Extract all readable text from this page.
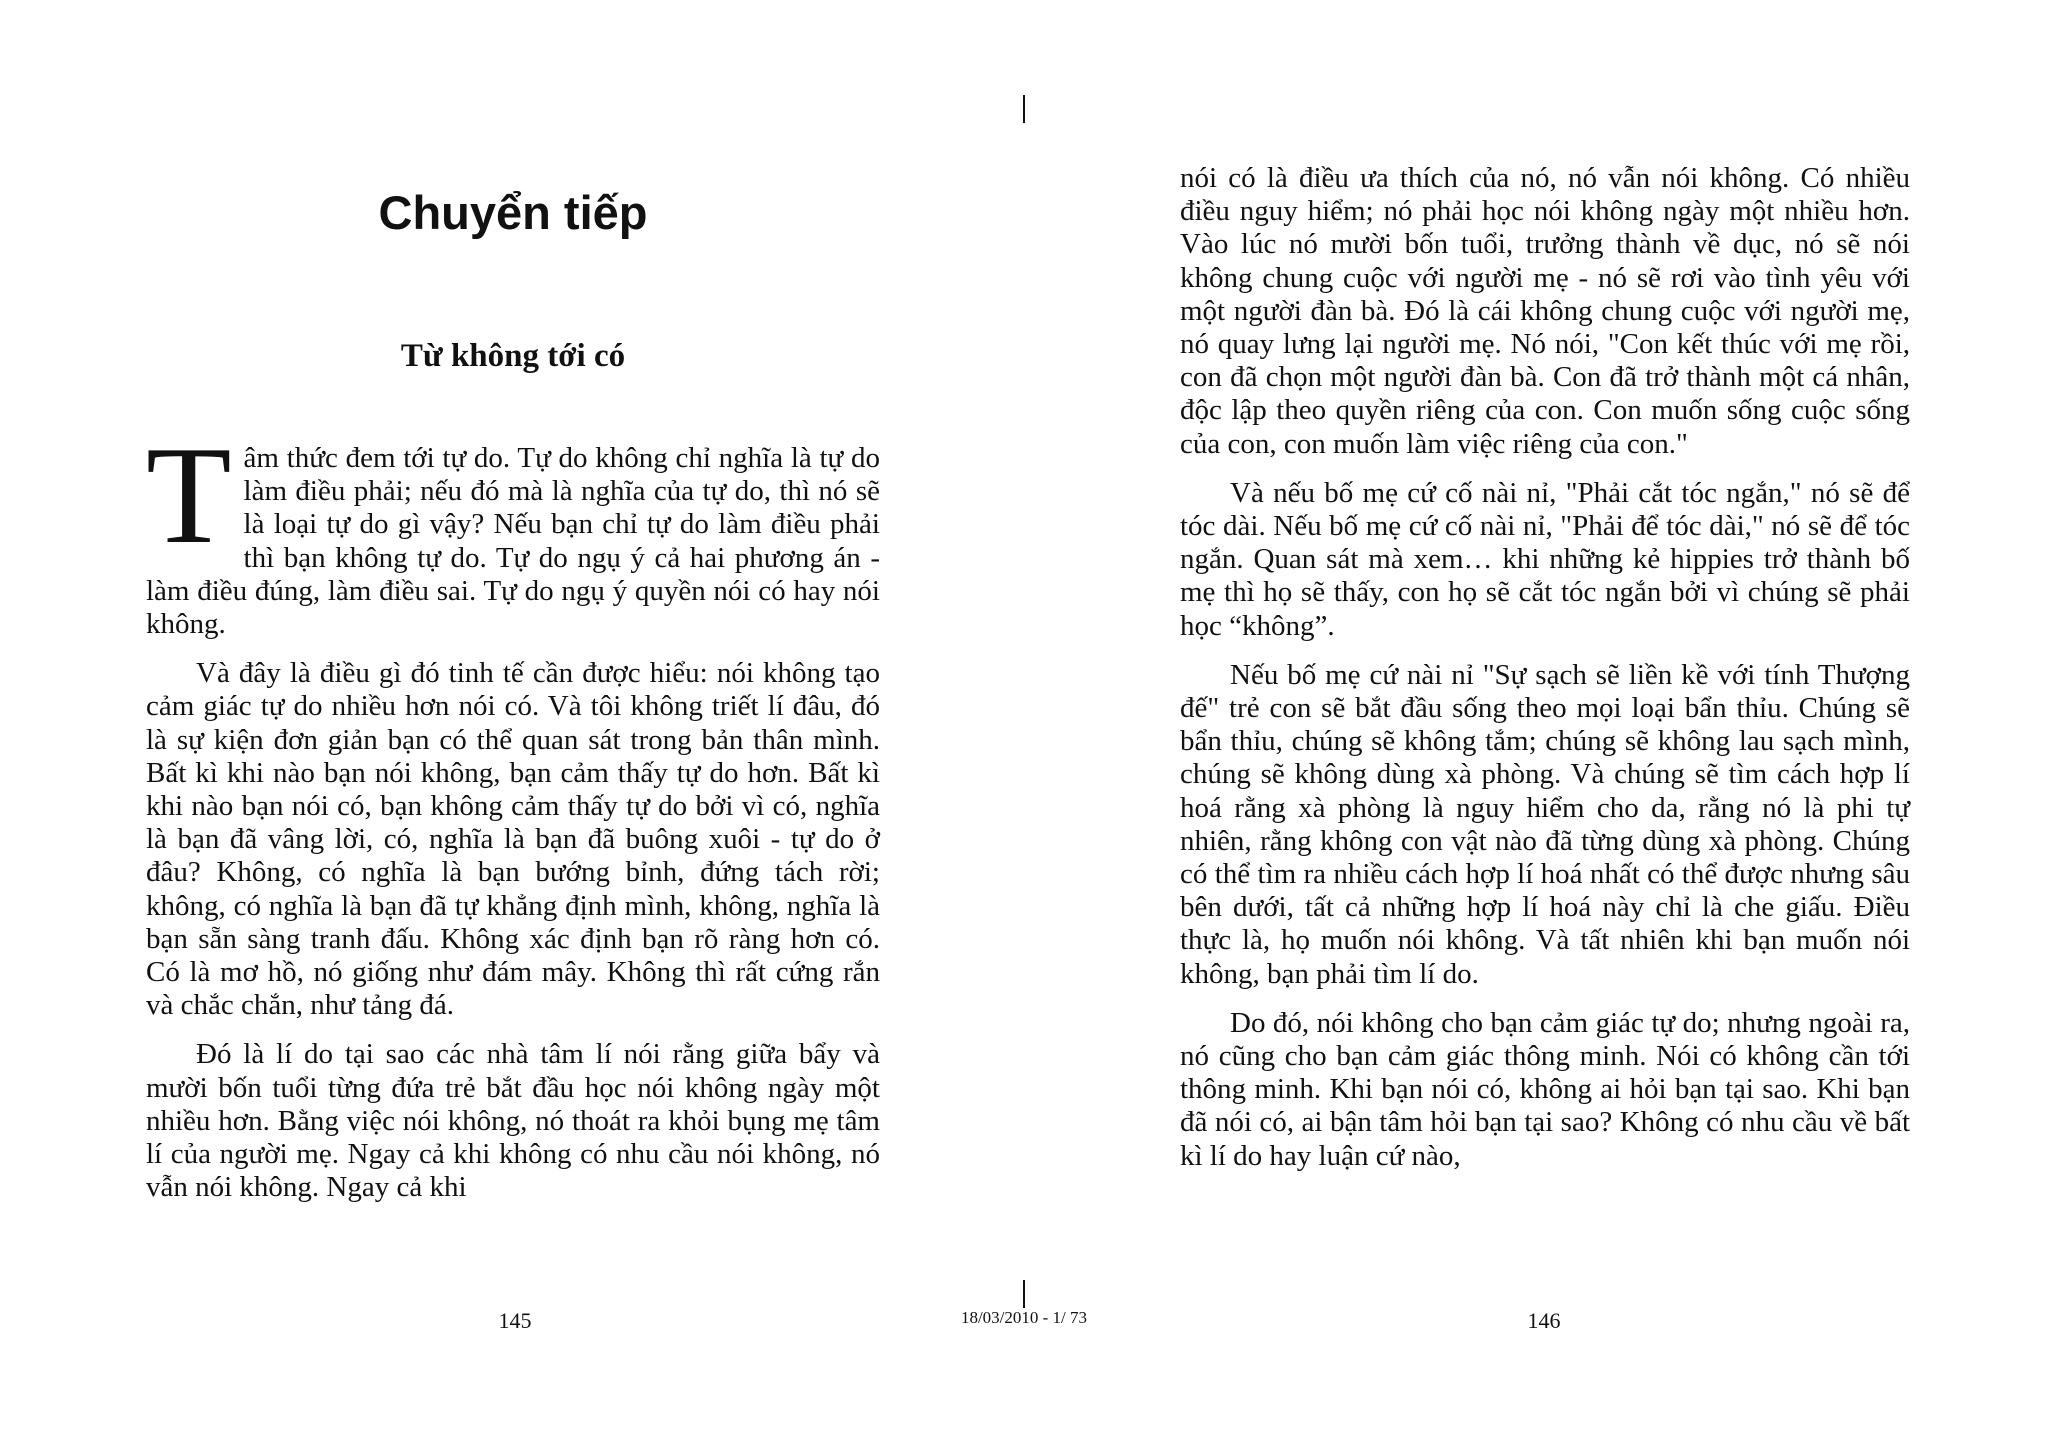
Chuyển tiếp
Từ không tới có

Tâm thức đem tới tự do. Tự do không chỉ nghĩa là tự do làm điều phải; nếu đó mà là nghĩa của tự do, thì nó sẽ là loại tự do gì vậy? Nếu bạn chỉ tự do làm điều phải thì bạn không tự do. Tự do ngụ ý cả hai phương án - làm điều đúng, làm điều sai. Tự do ngụ ý quyền nói có hay nói không.

Và đây là điều gì đó tinh tế cần được hiểu: nói không tạo cảm giác tự do nhiều hơn nói có. Và tôi không triết lí đâu, đó là sự kiện đơn giản bạn có thể quan sát trong bản thân mình. Bất kì khi nào bạn nói không, bạn cảm thấy tự do hơn. Bất kì khi nào bạn nói có, bạn không cảm thấy tự do bởi vì có, nghĩa là bạn đã vâng lời, có, nghĩa là bạn đã buông xuôi - tự do ở đâu? Không, có nghĩa là bạn bướng bỉnh, đứng tách rời; không, có nghĩa là bạn đã tự khẳng định mình, không, nghĩa là bạn sẵn sàng tranh đấu. Không xác định bạn rõ ràng hơn có. Có là mơ hồ, nó giống như đám mây. Không thì rất cứng rắn và chắc chắn, như tảng đá.

Đó là lí do tại sao các nhà tâm lí nói rằng giữa bẩy và mười bốn tuổi từng đứa trẻ bắt đầu học nói không ngày một nhiều hơn. Bằng việc nói không, nó thoát ra khỏi bụng mẹ tâm lí của người mẹ. Ngay cả khi không có nhu cầu nói không, nó vẫn nói không. Ngay cả khi

nói có là điều ưa thích của nó, nó vẫn nói không. Có nhiều điều nguy hiểm; nó phải học nói không ngày một nhiều hơn. Vào lúc nó mười bốn tuổi, trưởng thành về dục, nó sẽ nói không chung cuộc với người mẹ - nó sẽ rơi vào tình yêu với một người đàn bà. Đó là cái không chung cuộc với người mẹ, nó quay lưng lại người mẹ. Nó nói, "Con kết thúc với mẹ rồi, con đã chọn một người đàn bà. Con đã trở thành một cá nhân, độc lập theo quyền riêng của con. Con muốn sống cuộc sống của con, con muốn làm việc riêng của con."

Và nếu bố mẹ cứ cố nài nỉ, "Phải cắt tóc ngắn," nó sẽ để tóc dài. Nếu bố mẹ cứ cố nài nỉ, "Phải để tóc dài," nó sẽ để tóc ngắn. Quan sát mà xem… khi những kẻ hippies trở thành bố mẹ thì họ sẽ thấy, con họ sẽ cắt tóc ngắn bởi vì chúng sẽ phải học “không”.

Nếu bố mẹ cứ nài nỉ "Sự sạch sẽ liền kề với tính Thượng đế" trẻ con sẽ bắt đầu sống theo mọi loại bẩn thỉu. Chúng sẽ bẩn thỉu, chúng sẽ không tắm; chúng sẽ không lau sạch mình, chúng sẽ không dùng xà phòng. Và chúng sẽ tìm cách hợp lí hoá rằng xà phòng là nguy hiểm cho da, rằng nó là phi tự nhiên, rằng không con vật nào đã từng dùng xà phòng. Chúng có thể tìm ra nhiều cách hợp lí hoá nhất có thể được nhưng sâu bên dưới, tất cả những hợp lí hoá này chỉ là che giấu. Điều thực là, họ muốn nói không. Và tất nhiên khi bạn muốn nói không, bạn phải tìm lí do.

Do đó, nói không cho bạn cảm giác tự do; nhưng ngoài ra, nó cũng cho bạn cảm giác thông minh. Nói có không cần tới thông minh. Khi bạn nói có, không ai hỏi bạn tại sao. Khi bạn đã nói có, ai bận tâm hỏi bạn tại sao? Không có nhu cầu về bất kì lí do hay luận cứ nào,

145	18/03/2010 - 1/ 73	146
